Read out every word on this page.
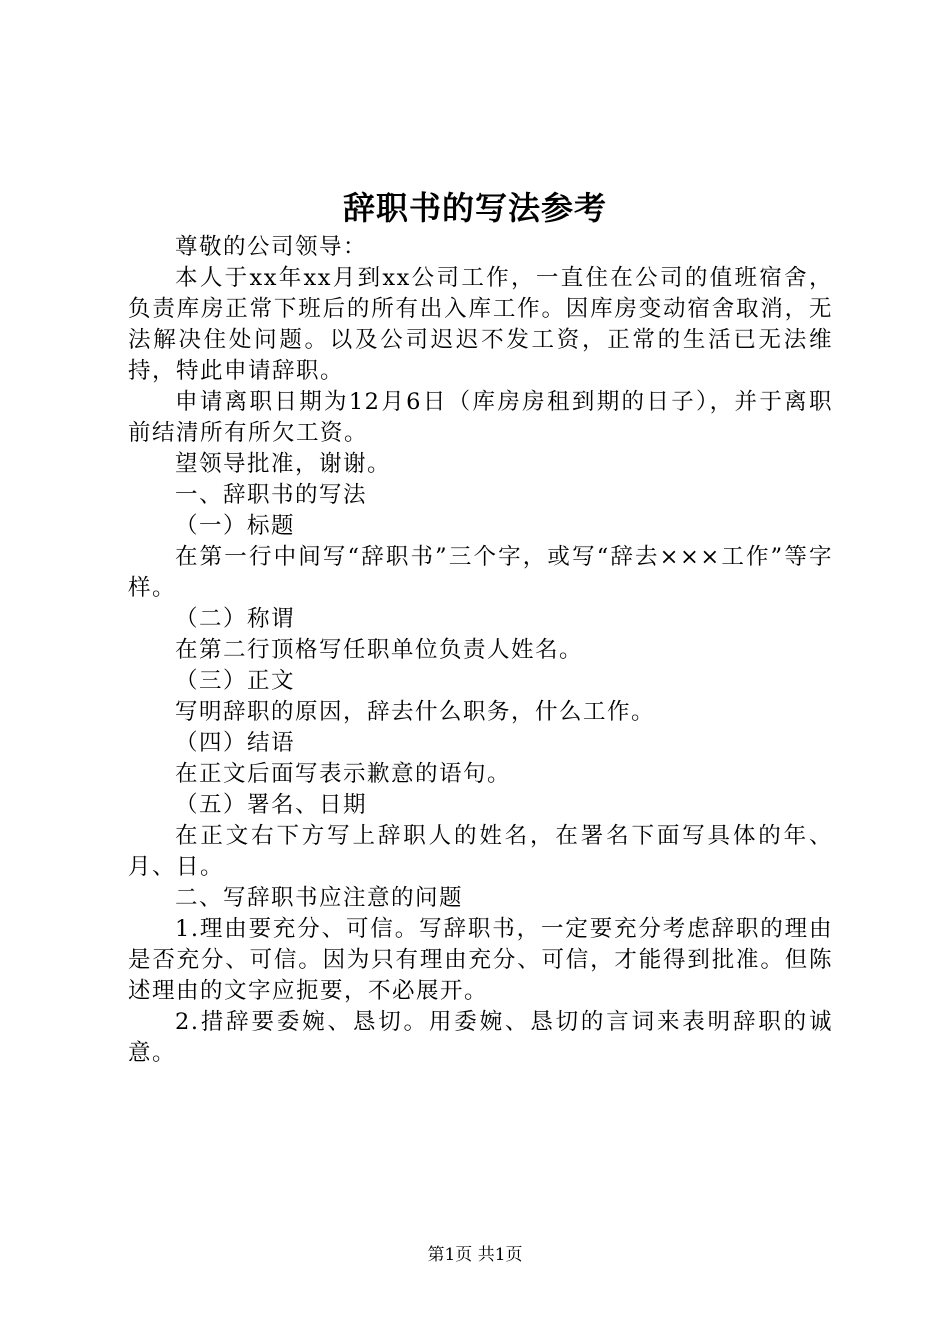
辞职书的写法参考

尊敬的公司领导：

本人于xx年xx月到xx公司工作，一直住在公司的值班宿舍，负责库房正常下班后的所有出入库工作。因库房变动宿舍取消，无法解决住处问题。以及公司迟迟不发工资，正常的生活已无法维持，特此申请辞职。

申请离职日期为12月6日（库房房租到期的日子），并于离职前结清所有所欠工资。

望领导批准，谢谢。

一、辞职书的写法

（一）标题

在第一行中间写“辞职书”三个字，或写“辞去×××工作”等字样。

（二）称谓

在第二行顶格写任职单位负责人姓名。

（三）正文

写明辞职的原因，辞去什么职务，什么工作。

（四）结语

在正文后面写表示歉意的语句。

（五）署名、日期

在正文右下方写上辞职人的姓名，在署名下面写具体的年、月、日。

二、写辞职书应注意的问题

1.理由要充分、可信。写辞职书，一定要充分考虑辞职的理由是否充分、可信。因为只有理由充分、可信，才能得到批准。但陈述理由的文字应扼要，不必展开。

2.措辞要委婉、恳切。用委婉、恳切的言词来表明辞职的诚意。

第1页 共1页
